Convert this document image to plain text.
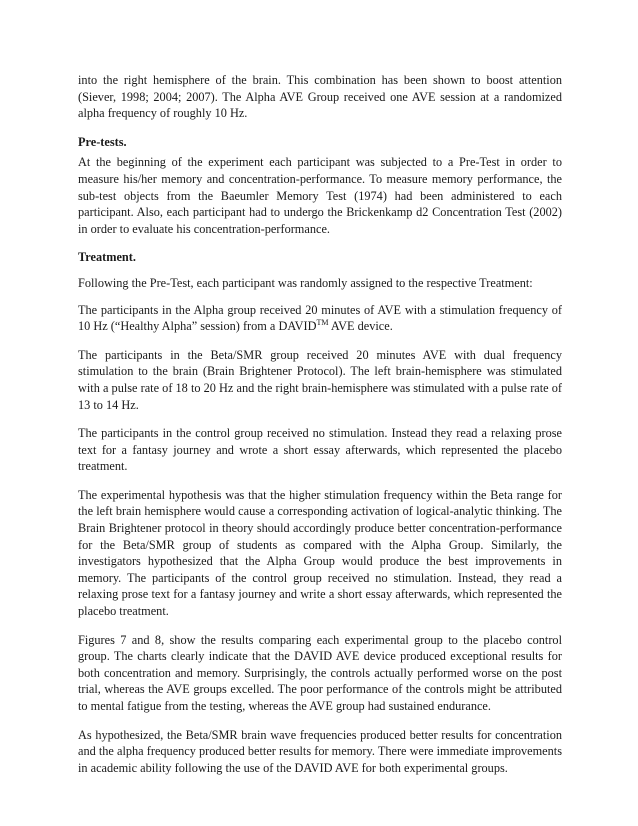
into the right hemisphere of the brain. This combination has been shown to boost attention (Siever, 1998; 2004; 2007). The Alpha AVE Group received one AVE session at a randomized alpha frequency of roughly 10 Hz.

Pre-tests.

At the beginning of the experiment each participant was subjected to a Pre-Test in order to measure his/her memory and concentration-performance. To measure memory performance, the sub-test objects from the Baeumler Memory Test (1974) had been administered to each participant. Also, each participant had to undergo the Brickenkamp d2 Concentration Test (2002) in order to evaluate his concentration-performance.

Treatment.

Following the Pre-Test, each participant was randomly assigned to the respective Treatment:

The participants in the Alpha group received 20 minutes of AVE with a stimulation frequency of 10 Hz (“Healthy Alpha” session) from a DAVID™ AVE device.

The participants in the Beta/SMR group received 20 minutes AVE with dual frequency stimulation to the brain (Brain Brightener Protocol). The left brain-hemisphere was stimulated with a pulse rate of 18 to 20 Hz and the right brain-hemisphere was stimulated with a pulse rate of 13 to 14 Hz.

The participants in the control group received no stimulation. Instead they read a relaxing prose text for a fantasy journey and wrote a short essay afterwards, which represented the placebo treatment.

The experimental hypothesis was that the higher stimulation frequency within the Beta range for the left brain hemisphere would cause a corresponding activation of logical-analytic thinking. The Brain Brightener protocol in theory should accordingly produce better concentration-performance for the Beta/SMR group of students as compared with the Alpha Group. Similarly, the investigators hypothesized that the Alpha Group would produce the best improvements in memory. The participants of the control group received no stimulation. Instead, they read a relaxing prose text for a fantasy journey and write a short essay afterwards, which represented the placebo treatment.

Figures 7 and 8, show the results comparing each experimental group to the placebo control group. The charts clearly indicate that the DAVID AVE device produced exceptional results for both concentration and memory. Surprisingly, the controls actually performed worse on the post trial, whereas the AVE groups excelled. The poor performance of the controls might be attributed to mental fatigue from the testing, whereas the AVE group had sustained endurance.

As hypothesized, the Beta/SMR brain wave frequencies produced better results for concentration and the alpha frequency produced better results for memory. There were immediate improvements in academic ability following the use of the DAVID AVE for both experimental groups.
